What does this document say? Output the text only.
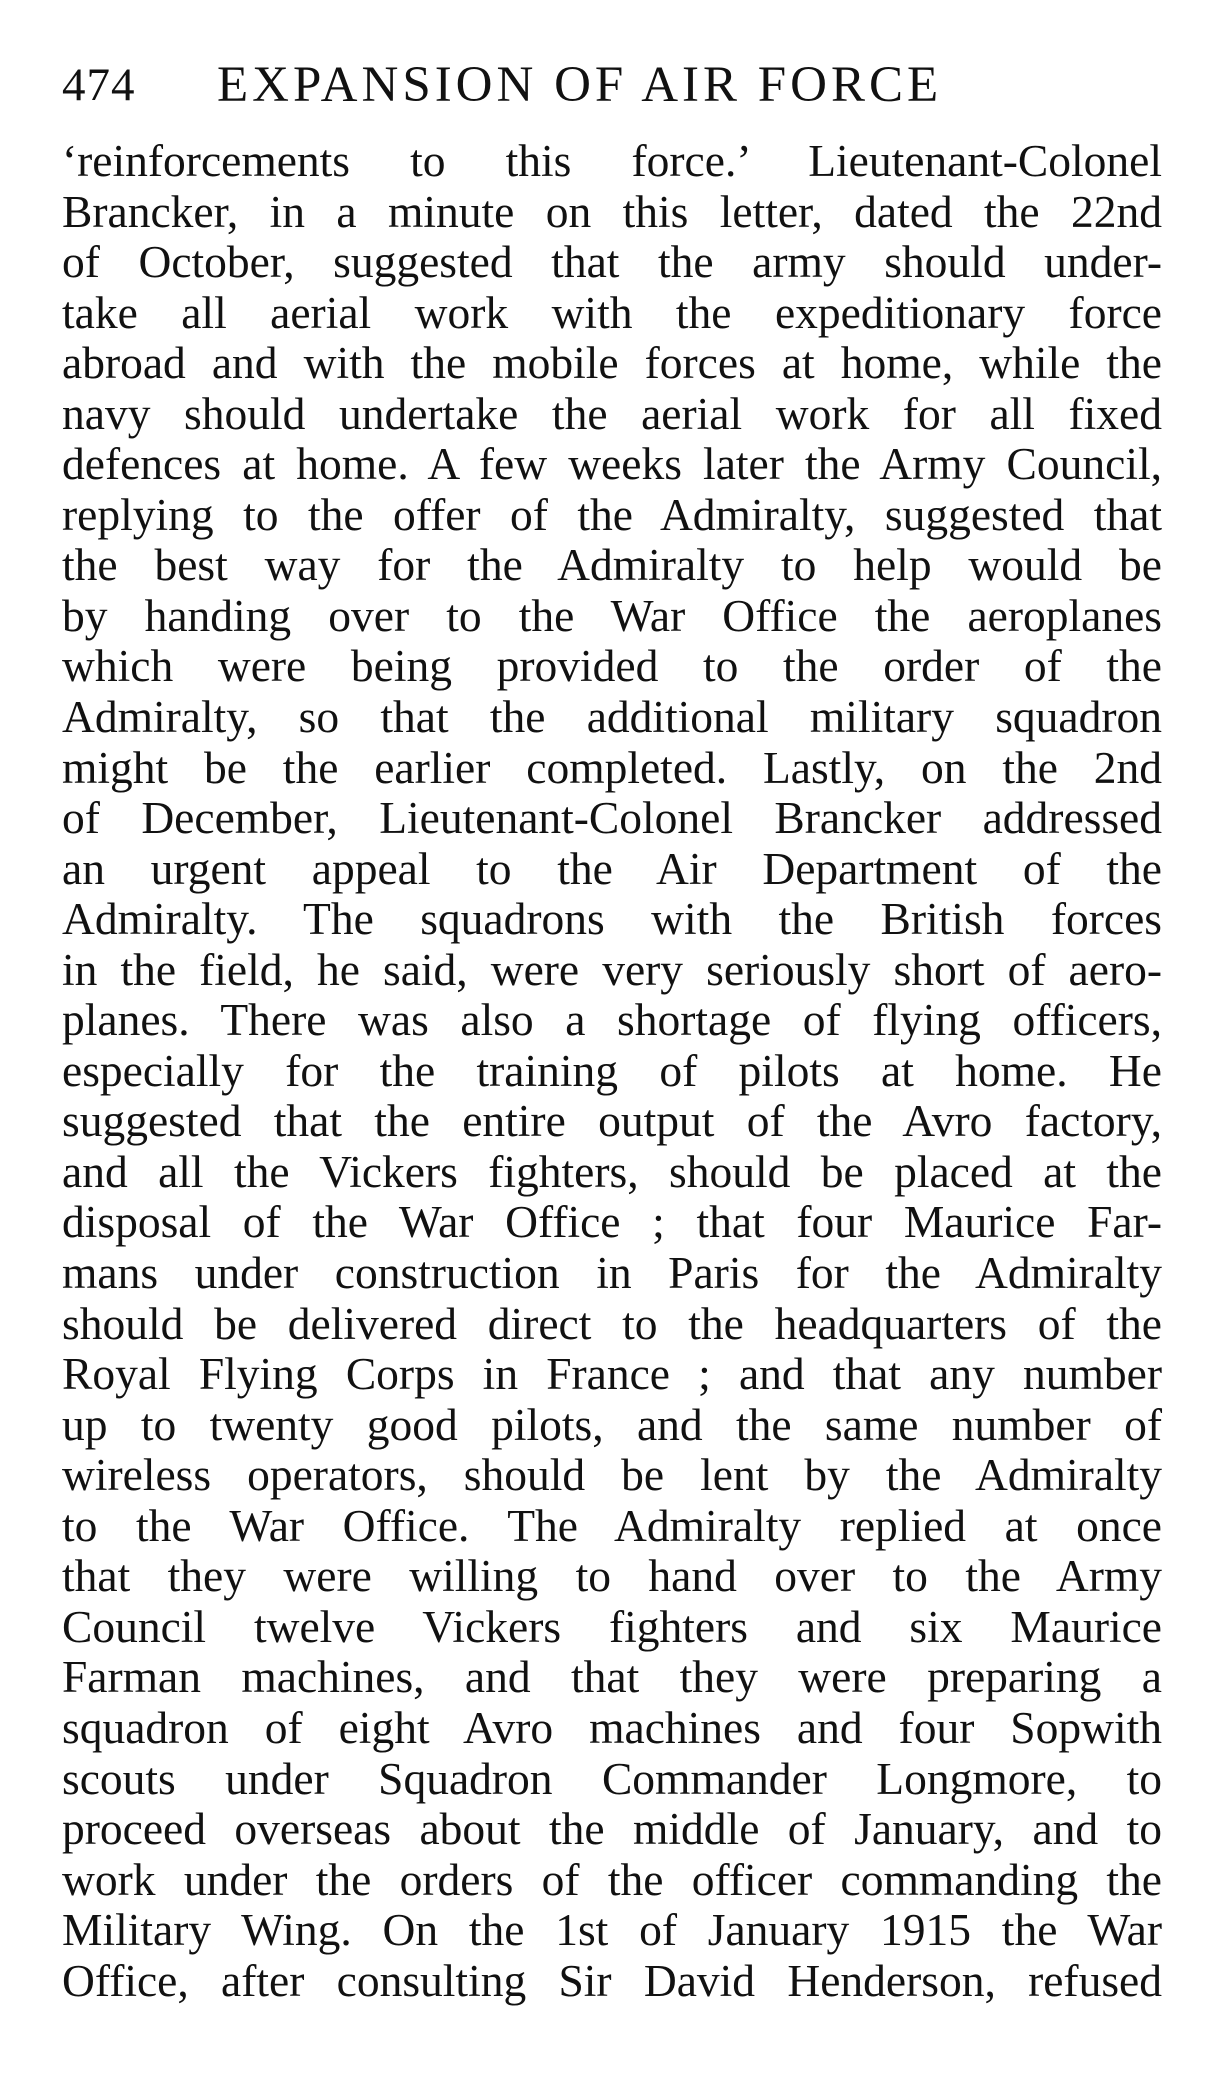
474 EXPANSION OF AIR FORCE
‘reinforcements to this force.’ Lieutenant-Colonel
Brancker, in a minute on this letter, dated the 22nd
of October, suggested that the army should under-
take all aerial work with the expeditionary force
abroad and with the mobile forces at home, while the
navy should undertake the aerial work for all fixed
defences at home. A few weeks later the Army Council,
replying to the offer of the Admiralty, suggested that
the best way for the Admiralty to help would be
by handing over to the War Office the aeroplanes
which were being provided to the order of the
Admiralty, so that the additional military squadron
might be the earlier completed. Lastly, on the 2nd
of December, Lieutenant-Colonel Brancker addressed
an urgent appeal to the Air Department of the
Admiralty. The squadrons with the British forces
in the field, he said, were very seriously short of aero-
planes. There was also a shortage of flying officers,
especially for the training of pilots at home. He
suggested that the entire output of the Avro factory,
and all the Vickers fighters, should be placed at the
disposal of the War Office ; that four Maurice Far-
mans under construction in Paris for the Admiralty
should be delivered direct to the headquarters of the
Royal Flying Corps in France ; and that any number
up to twenty good pilots, and the same number of
wireless operators, should be lent by the Admiralty
to the War Office. The Admiralty replied at once
that they were willing to hand over to the Army
Council twelve Vickers fighters and six Maurice
Farman machines, and that they were preparing a
squadron of eight Avro machines and four Sopwith
scouts under Squadron Commander Longmore, to
proceed overseas about the middle of January, and to
work under the orders of the officer commanding the
Military Wing. On the 1st of January 1915 the War
Office, after consulting Sir David Henderson, refused
